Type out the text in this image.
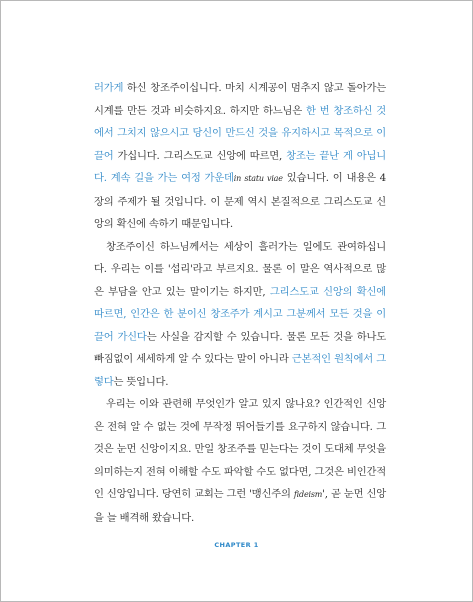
러가게 하신 창조주이십니다. 마치 시계공이 멈추지 않고 돌아가는 시계를 만든 것과 비슷하지요. 하지만 하느님은 한 번 창조하신 것에서 그치지 않으시고 당신이 만드신 것을 유지하시고 목적으로 이끌어 가십니다. 그리스도교 신앙에 따르면, 창조는 끝난 게 아닙니다. 계속 길을 가는 여정 가운데in statu viae 있습니다. 이 내용은 4장의 주제가 될 것입니다. 이 문제 역시 본질적으로 그리스도교 신앙의 확신에 속하기 때문입니다.

창조주이신 하느님께서는 세상이 흘러가는 일에도 관여하십니다. 우리는 이를 '섭리'라고 부르지요. 물론 이 말은 역사적으로 많은 부담을 안고 있는 말이기는 하지만, 그리스도교 신앙의 확신에 따르면, 인간은 한 분이신 창조주가 계시고 그분께서 모든 것을 이끌어 가신다는 사실을 감지할 수 있습니다. 물론 모든 것을 하나도 빠짐없이 세세하게 알 수 있다는 말이 아니라 근본적인 원칙에서 그렇다는 뜻입니다.

우리는 이와 관련해 무엇인가 알고 있지 않나요? 인간적인 신앙은 전혀 알 수 없는 것에 무작정 뛰어들기를 요구하지 않습니다. 그것은 눈먼 신앙이지요. 만일 창조주를 믿는다는 것이 도대체 무엇을 의미하는지 전혀 이해할 수도 파악할 수도 없다면, 그것은 비인간적인 신앙입니다. 당연히 교회는 그런 '맹신주의 fideism', 곧 눈먼 신앙을 늘 배격해 왔습니다.

CHAPTER 1
